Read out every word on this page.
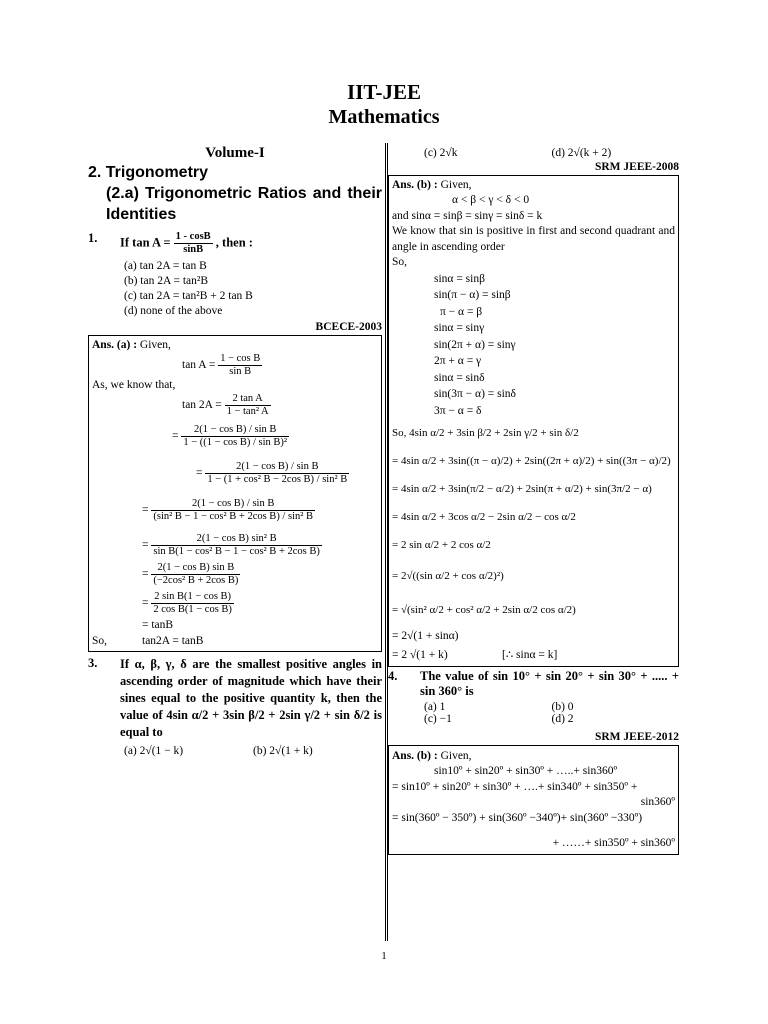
IIT-JEE
Mathematics
Volume-I
2. Trigonometry
(2.a) Trigonometric Ratios and their Identities
1.	If $\tan A = \frac{1 - \cos B}{\sin B}$ , then :
(a) tan 2A = tan B
(b) tan 2A = tan²B
(c) tan 2A = tan²B + 2 tan B
(d) none of the above
BCECE-2003
Ans. (a) : Given,
$\tan A = \frac{\text{1 − cos B}}{\text{sin B}}$
As, we know that,
$\tan 2A = \frac{\text{2 tan A}}{\text{1 − tan² A}}$
= $\frac{\text{2(1 − cos B) / sin B}}{\text{1 − ((1 − cos B) / sin B)²}}$
= $\frac{\text{2(1 − cos B) / sin B}}{\text{1 − (1 + cos² B − 2cos B) / sin² B}}$
= $\frac{\text{2(1 − cos B) / sin B}}{\text{(sin² B − 1 − cos² B + 2cos B) / sin² B}}$
= $\frac{\text{2(1 − cos B) sin² B}}{\text{sin B(1 − cos² B − 1 − cos² B + 2cos B)}}$
= $\frac{\text{2(1 − cos B) sin B}}{\text{(−2cos² B + 2cos B)}}$
= $\frac{\text{2 sin B(1 − cos B)}}{\text{2 cos B(1 − cos B)}}$
= tanB
So,	tan2A = tanB
3.	If α, β, γ, δ are the smallest positive angles in ascending order of magnitude which have their sines equal to the positive quantity k, then the value of 4sin α/2 + 3sin β/2 + 2sin γ/2 + sin δ/2 is equal to
(a) 2√(1 − k)	(b) 2√(1 + k)
(c) 2√k	(d) 2√(k + 2)
SRM JEEE-2008
Ans. (b) : Given,
α < β < γ < δ < 0
and sinα = sinβ = sinγ = sinδ = k
We know that sin is positive in first and second quadrant and angle in ascending order
So,
sinα = sinβ
sin(π − α) = sinβ
π − α = β
sinα = sinγ
sin(2π + α) = sinγ
2π + α = γ
sinα = sinδ
sin(3π − α) = sinδ
3π − α = δ
So, 4sin α/2 + 3sin β/2 + 2sin γ/2 + sin δ/2
= 4sin α/2 + 3sin((π − α)/2) + 2sin((2π + α)/2) + sin((3π − α)/2)
= 4sin α/2 + 3sin(π/2 − α/2) + 2sin(π + α/2) + sin(3π/2 − α)
= 4sin α/2 + 3cos α/2 − 2sin α/2 − cos α/2
= 2 sin α/2 + 2 cos α/2
= 2√((sin α/2 + cos α/2)²)
= √(sin² α/2 + cos² α/2 + 2sin α/2 cos α/2)
= 2√(1 + sinα)
= 2 √(1 + k)	[∴ sinα = k]
4.	The value of sin 10° + sin 20° + sin 30° + ..... + sin 360° is
(a) 1	(b) 0
(c) −1	(d) 2
SRM JEEE-2012
Ans. (b) : Given,
sin10º + sin20º + sin30º + …..+ sin360º
= sin10º + sin20º + sin30º + ….+ sin340º + sin350º +
sin360º
= sin(360º − 350º) + sin(360º −340º)+ sin(360º −330º)
+ ……+ sin350º + sin360º
1
